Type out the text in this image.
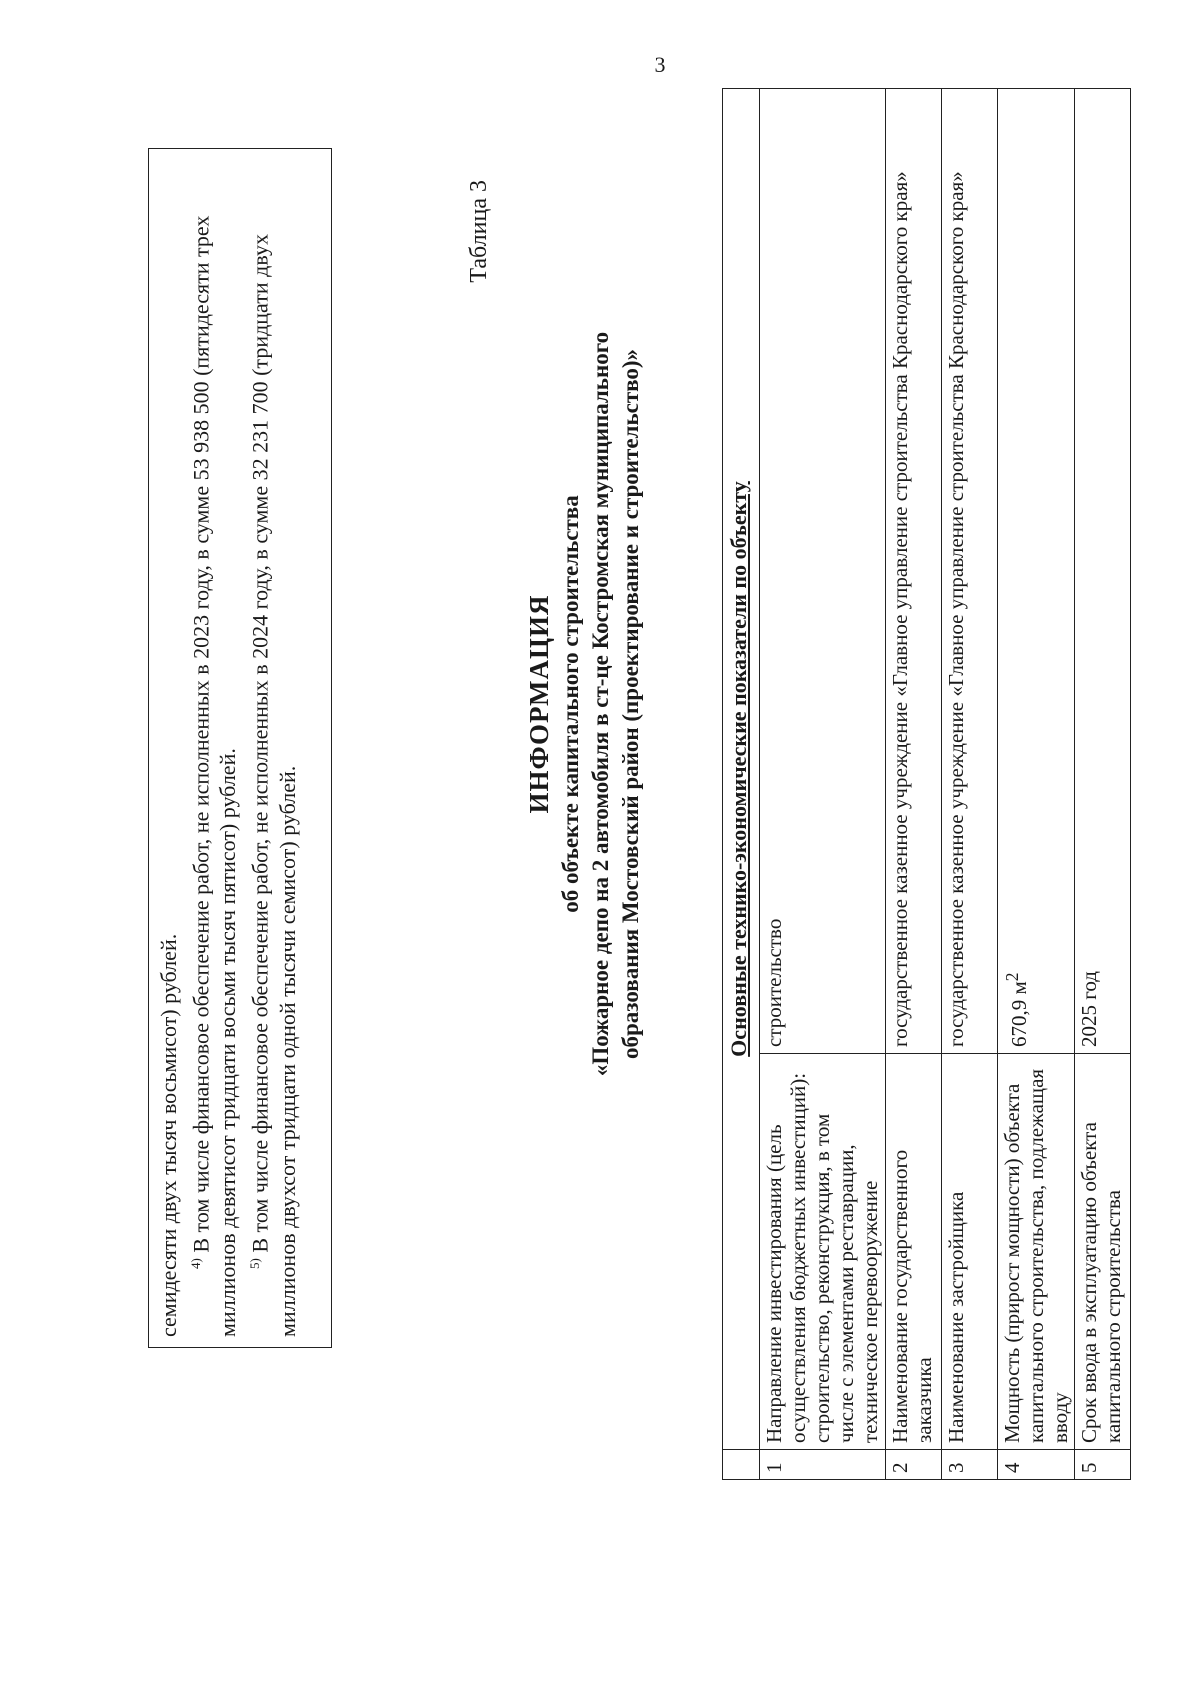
3

семидесяти двух тысяч восьмисот) рублей. $^{4)}$ В том числе финансовое обеспечение работ, не исполненных в 2023 году, в сумме 53 938 500 (пятидесяти трех миллионов девятисот тридцати восьми тысяч пятисот) рублей. $^{5)}$ В том числе финансовое обеспечение работ, не исполненных в 2024 году, в сумме 32 231 700 (тридцати двух миллионов двухсот тридцати одной тысячи семисот) рублей.

Таблица 3
ИНФОРМАЦИЯ об объекте капитального строительства «Пожарное депо на 2 автомобиля в ст-це Костромская муниципального образования Мостовский район (проектирование и строительство)»
		Основные технико-экономические показатели по объекту	
1	Направление инвестирования (цель осуществления бюджетных инвестиций): строительство, реконструкция, в том числе с элементами реставрации, техническое перевооружение	строительство
2	Наименование государственного заказчика	государственное казенное учреждение «Главное управление строительства Краснодарского края»
3	Наименование застройщика	государственное казенное учреждение «Главное управление строительства Краснодарского края»
4	Мощность (прирост мощности) объекта капитального строительства, подлежащая вводу	670,9 $м^2$
5	Срок ввода в эксплуатацию объекта капитального строительства	2025 год
